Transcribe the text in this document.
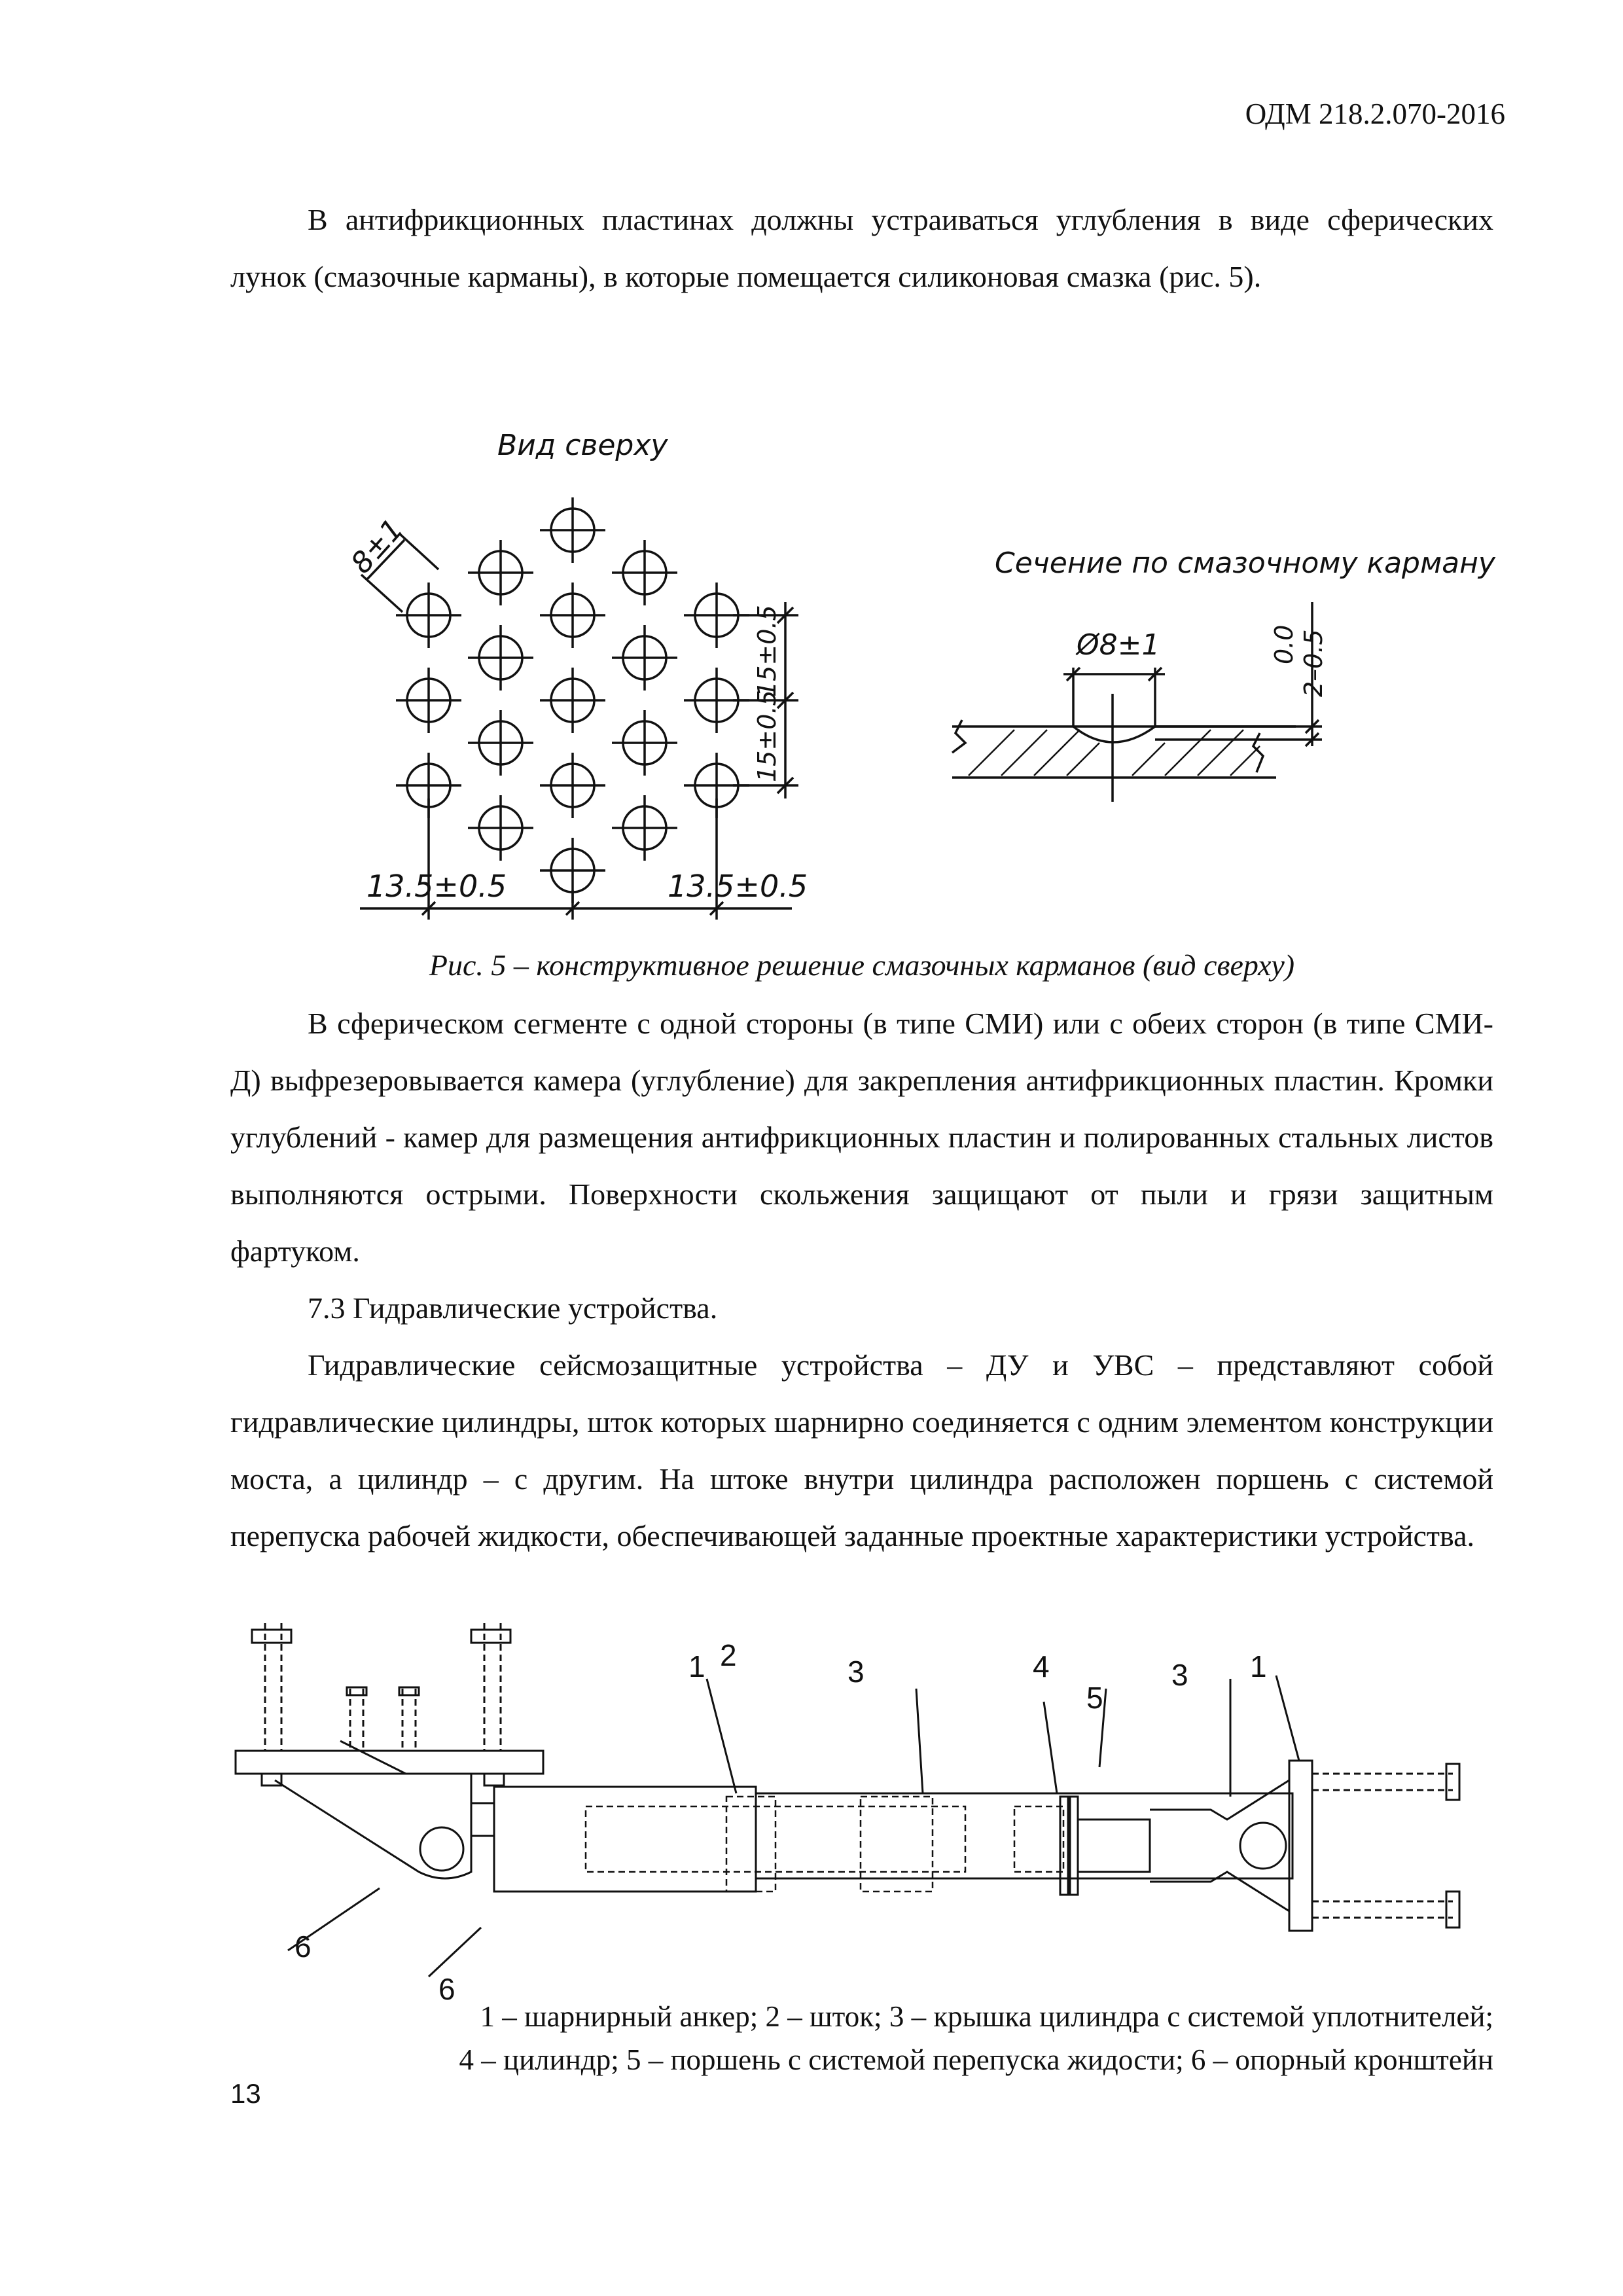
ОДМ 218.2.070-2016
В антифрикционных пластинах должны устраиваться углубления в виде сферических лунок (смазочные карманы), в которые помещается силиконовая смазка (рис. 5).
Вид сверху
Сечение по смазочному карману
8±1
Ø8±1	0.0 2–0.5
15±0.5
15±0.5
13.5±0.5	13.5±0.5
Рис. 5 – конструктивное решение смазочных карманов (вид сверху)
В сферическом сегменте с одной стороны (в типе СМИ) или с обеих сторон (в типе СМИ-Д) выфрезеровывается камера (углубление) для закрепления антифрикционных пластин. Кромки углублений - камер для размещения антифрикционных пластин и полированных стальных листов выполняются острыми. Поверхности скольжения защищают от пыли и грязи защитным фартуком.
7.3 Гидравлические устройства.
Гидравлические сейсмозащитные устройства – ДУ и УВС – представляют собой гидравлические цилиндры, шток которых шарнирно соединяется с одним элементом конструкции моста, а цилиндр – с другим. На штоке внутри цилиндра расположен поршень с системой перепуска рабочей жидкости, обеспечивающей заданные проектные характеристики устройства.
1 2	3	4
5
3 1
6
6
1 – шарнирный анкер; 2 – шток; 3 – крышка цилиндра с системой уплотнителей;
4 – цилиндр; 5 – поршень с системой перепуска жидости; 6 – опорный кронштейн
13
